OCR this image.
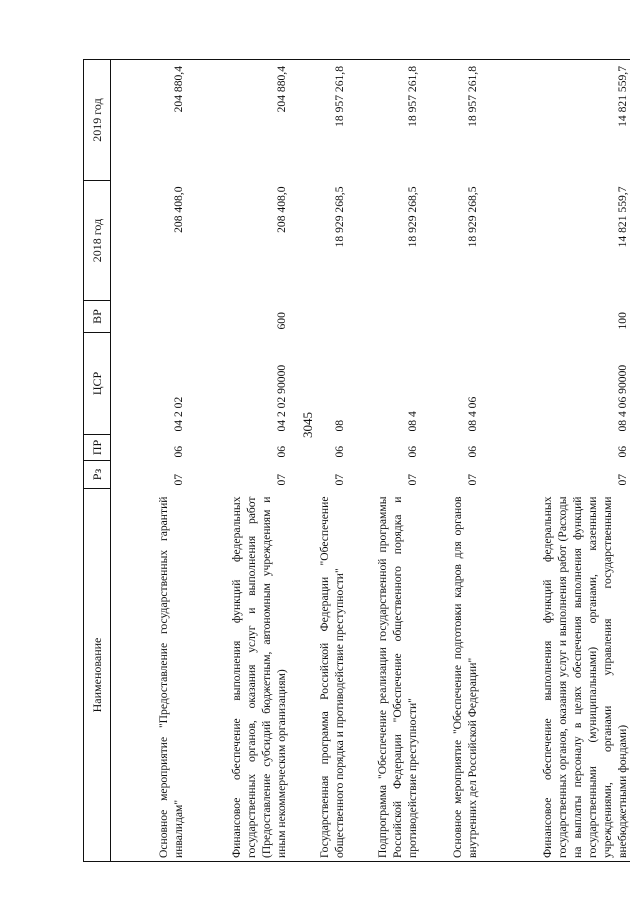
3045
Наименование	Рз	ПР	ЦСР	ВР	2018 год	2019 год
Основное мероприятие "Предоставление государственных гарантий инвалидам"	07	06	04 2 02		208 408,0	204 880,4
Финансовое обеспечение выполнения функций федеральных государственных органов, оказания услуг и выполнения работ (Предоставление субсидий бюджетным, автономным учреждениям и иным некоммерческим организациям)	07	06	04 2 02 90000	600	208 408,0	204 880,4
Государственная программа Российской Федерации "Обеспечение общественного порядка и противодействие преступности"	07	06	08		18 929 268,5	18 957 261,8
Подпрограмма "Обеспечение реализации государственной программы Российской Федерации "Обеспечение общественного порядка и противодействие преступности"	07	06	08 4		18 929 268,5	18 957 261,8
Основное мероприятие "Обеспечение подготовки кадров для органов внутренних дел Российской Федерации"	07	06	08 4 06		18 929 268,5	18 957 261,8
Финансовое обеспечение выполнения функций федеральных государственных органов, оказания услуг и выполнения работ (Расходы на выплаты персоналу в целях обеспечения выполнения функций государственными (муниципальными) органами, казенными учреждениями, органами управления государственными внебюджетными фондами)	07	06	08 4 06 90000	100	14 821 559,7	14 821 559,7
